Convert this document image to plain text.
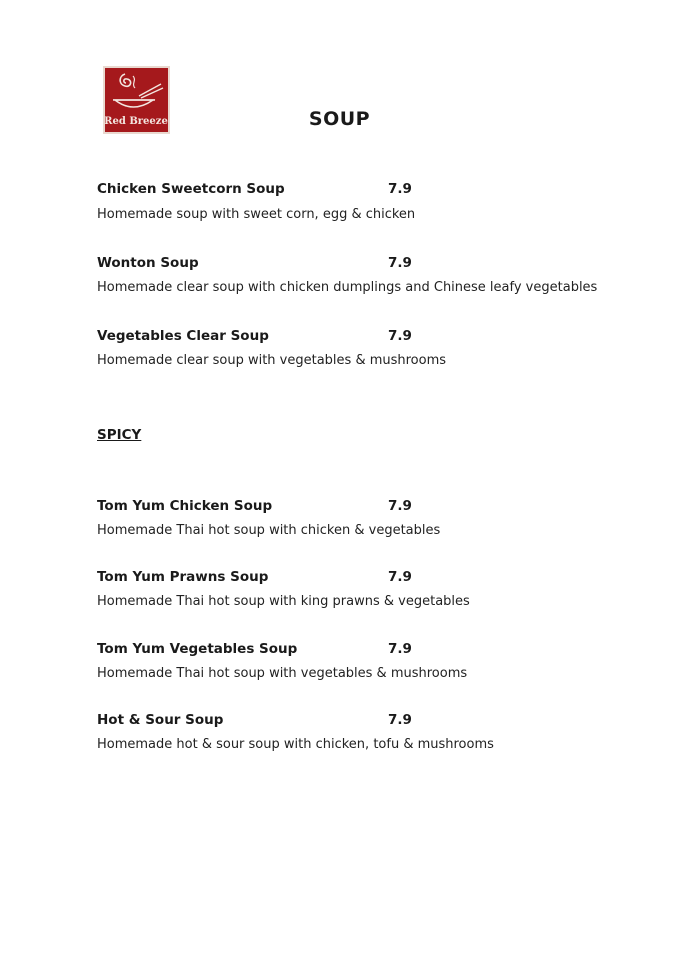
Red Breeze	SOUP
Chicken Sweetcorn Soup	7.9
Homemade soup with sweet corn, egg & chicken
Wonton Soup	7.9
Homemade clear soup with chicken dumplings and Chinese leafy vegetables
Vegetables Clear Soup	7.9
Homemade clear soup with vegetables & mushrooms
SPICY
Tom Yum Chicken Soup	7.9
Homemade Thai hot soup with chicken & vegetables
Tom Yum Prawns Soup	7.9
Homemade Thai hot soup with king prawns & vegetables
Tom Yum Vegetables Soup	7.9
Homemade Thai hot soup with vegetables & mushrooms
Hot & Sour Soup	7.9
Homemade hot & sour soup with chicken, tofu & mushrooms
